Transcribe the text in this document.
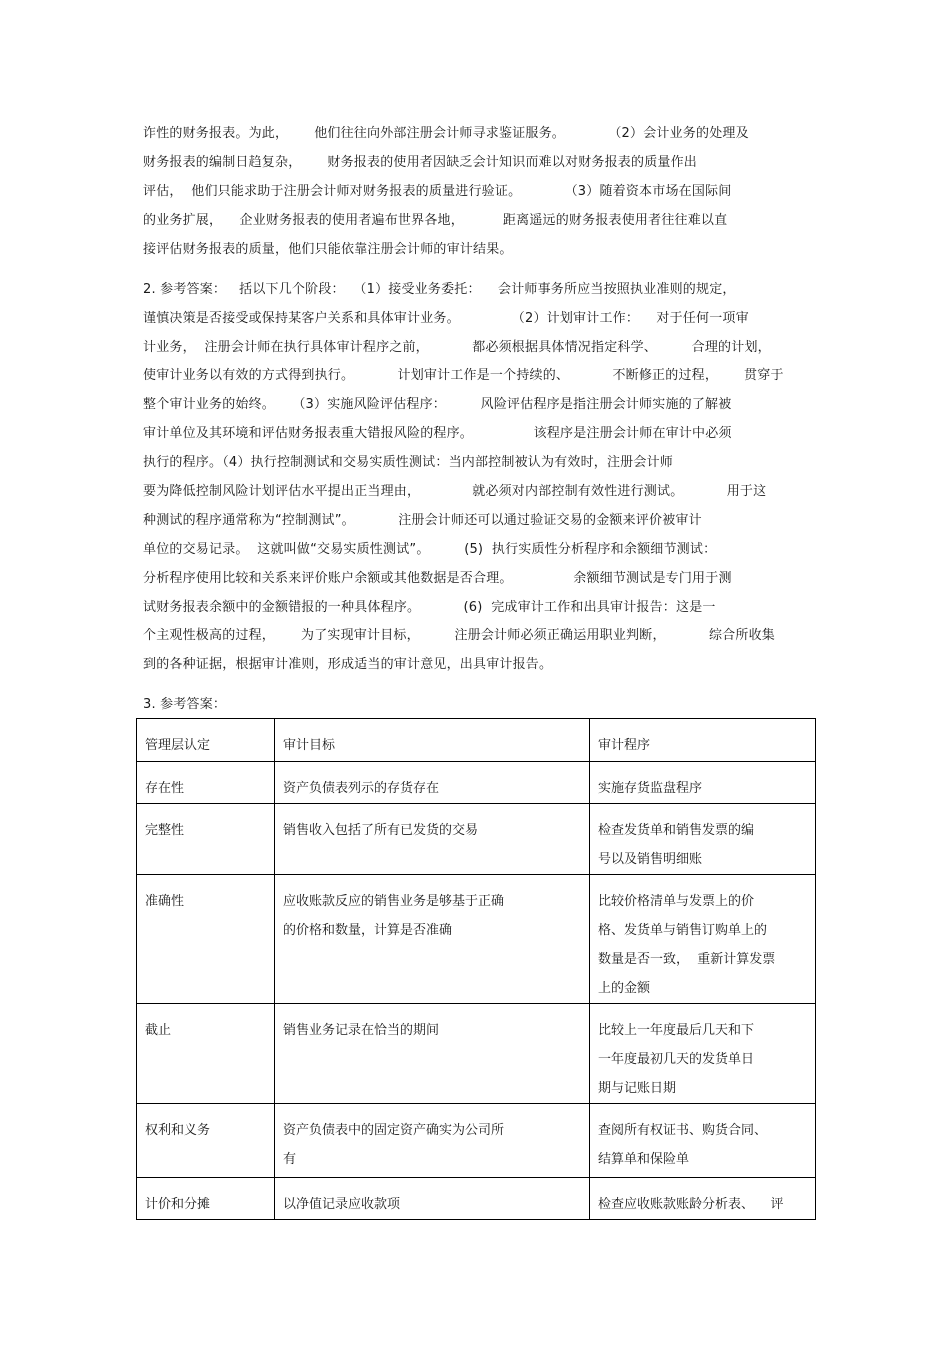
诈性的财务报表。为此，      他们往往向外部注册会计师寻求鉴证服务。          （2）会计业务的处理及
财务报表的编制日趋复杂，      财务报表的使用者因缺乏会计知识而难以对财务报表的质量作出
评估，  他们只能求助于注册会计师对财务报表的质量进行验证。          （3）随着资本市场在国际间
的业务扩展，    企业财务报表的使用者遍布世界各地，         距离遥远的财务报表使用者往往难以直
接评估财务报表的质量，他们只能依靠注册会计师的审计结果。
2. 参考答案：   括以下几个阶段：  （1）接受业务委托：    会计师事务所应当按照执业准则的规定，
谨慎决策是否接受或保持某客户关系和具体审计业务。            （2）计划审计工作：    对于任何一项审
计业务，  注册会计师在执行具体审计程序之前，          都必须根据具体情况指定科学、        合理的计划，
使审计业务以有效的方式得到执行。          计划审计工作是一个持续的、          不断修正的过程，      贯穿于
整个审计业务的始终。    （3）实施风险评估程序：        风险评估程序是指注册会计师实施的了解被
审计单位及其环境和评估财务报表重大错报风险的程序。              该程序是注册会计师在审计中必须
执行的程序。（4）执行控制测试和交易实质性测试：当内部控制被认为有效时，注册会计师
要为降低控制风险计划评估水平提出正当理由，            就必须对内部控制有效性进行测试。          用于这
种测试的程序通常称为“控制测试”。          注册会计师还可以通过验证交易的金额来评价被审计
单位的交易记录。  这就叫做“交易实质性测试”。        (5)  执行实质性分析程序和余额细节测试：
分析程序使用比较和关系来评价账户余额或其他数据是否合理。              余额细节测试是专门用于测
试财务报表余额中的金额错报的一种具体程序。          (6)  完成审计工作和出具审计报告：这是一
个主观性极高的过程，      为了实现审计目标，        注册会计师必须正确运用职业判断，          综合所收集
到的各种证据，根据审计准则，形成适当的审计意见，出具审计报告。
3. 参考答案：
管理层认定	审计目标	审计程序
存在性	资产负债表列示的存货存在	实施存货监盘程序

完整性	销售收入包括了所有已发货的交易	检查发货单和销售发票的编
号以及销售明细账

准确性	应收账款反应的销售业务是够基于正确
的价格和数量，计算是否准确	比较价格清单与发票上的价
格、发货单与销售订购单上的
数量是否一致，  重新计算发票
上的金额

截止	销售业务记录在恰当的期间	比较上一年度最后几天和下
一年度最初几天的发货单日
期与记账日期

权利和义务	资产负债表中的固定资产确实为公司所
有	查阅所有权证书、购货合同、
结算单和保险单

计价和分摊	以净值记录应收款项	检查应收账款账龄分析表、    评
